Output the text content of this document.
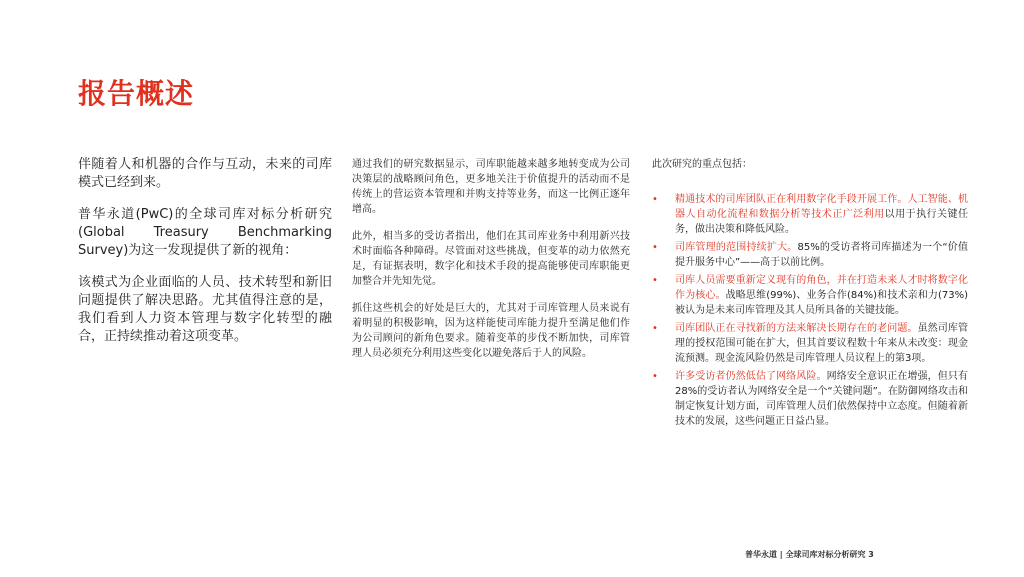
报告概述

伴随着人和机器的合作与互动，未来的司库模式已经到来。

普华永道(PwC)的全球司库对标分析研究(Global Treasury Benchmarking Survey)为这一发现提供了新的视角：

该模式为企业面临的人员、技术转型和新旧问题提供了解决思路。尤其值得注意的是，我们看到人力资本管理与数字化转型的融合，正持续推动着这项变革。

通过我们的研究数据显示，司库职能越来越多地转变成为公司决策层的战略顾问角色，更多地关注于价值提升的活动而不是传统上的营运资本管理和并购支持等业务，而这一比例正逐年增高。

此外，相当多的受访者指出，他们在其司库业务中利用新兴技术时面临各种障碍。尽管面对这些挑战，但变革的动力依然充足，有证据表明，数字化和技术手段的提高能够使司库职能更加整合并先知先觉。

抓住这些机会的好处是巨大的，尤其对于司库管理人员来说有着明显的积极影响，因为这样能使司库能力提升至满足他们作为公司顾问的新角色要求。随着变革的步伐不断加快，司库管理人员必须充分利用这些变化以避免落后于人的风险。

此次研究的重点包括：

• 精通技术的司库团队正在利用数字化手段开展工作。人工智能、机器人自动化流程和数据分析等技术正广泛利用以用于执行关键任务，做出决策和降低风险。
• 司库管理的范围持续扩大。85%的受访者将司库描述为一个“价值提升服务中心”——高于以前比例。
• 司库人员需要重新定义现有的角色，并在打造未来人才时将数字化作为核心。战略思维(99%)、业务合作(84%)和技术亲和力(73%)被认为是未来司库管理及其人员所具备的关键技能。
• 司库团队正在寻找新的方法来解决长期存在的老问题。虽然司库管理的授权范围可能在扩大，但其首要议程数十年来从未改变：现金流预测。现金流风险仍然是司库管理人员议程上的第3项。
• 许多受访者仍然低估了网络风险。网络安全意识正在增强，但只有28%的受访者认为网络安全是一个“关键问题”。在防御网络攻击和制定恢复计划方面，司库管理人员们依然保持中立态度。但随着新技术的发展，这些问题正日益凸显。
普华永道 | 全球司库对标分析研究 3
